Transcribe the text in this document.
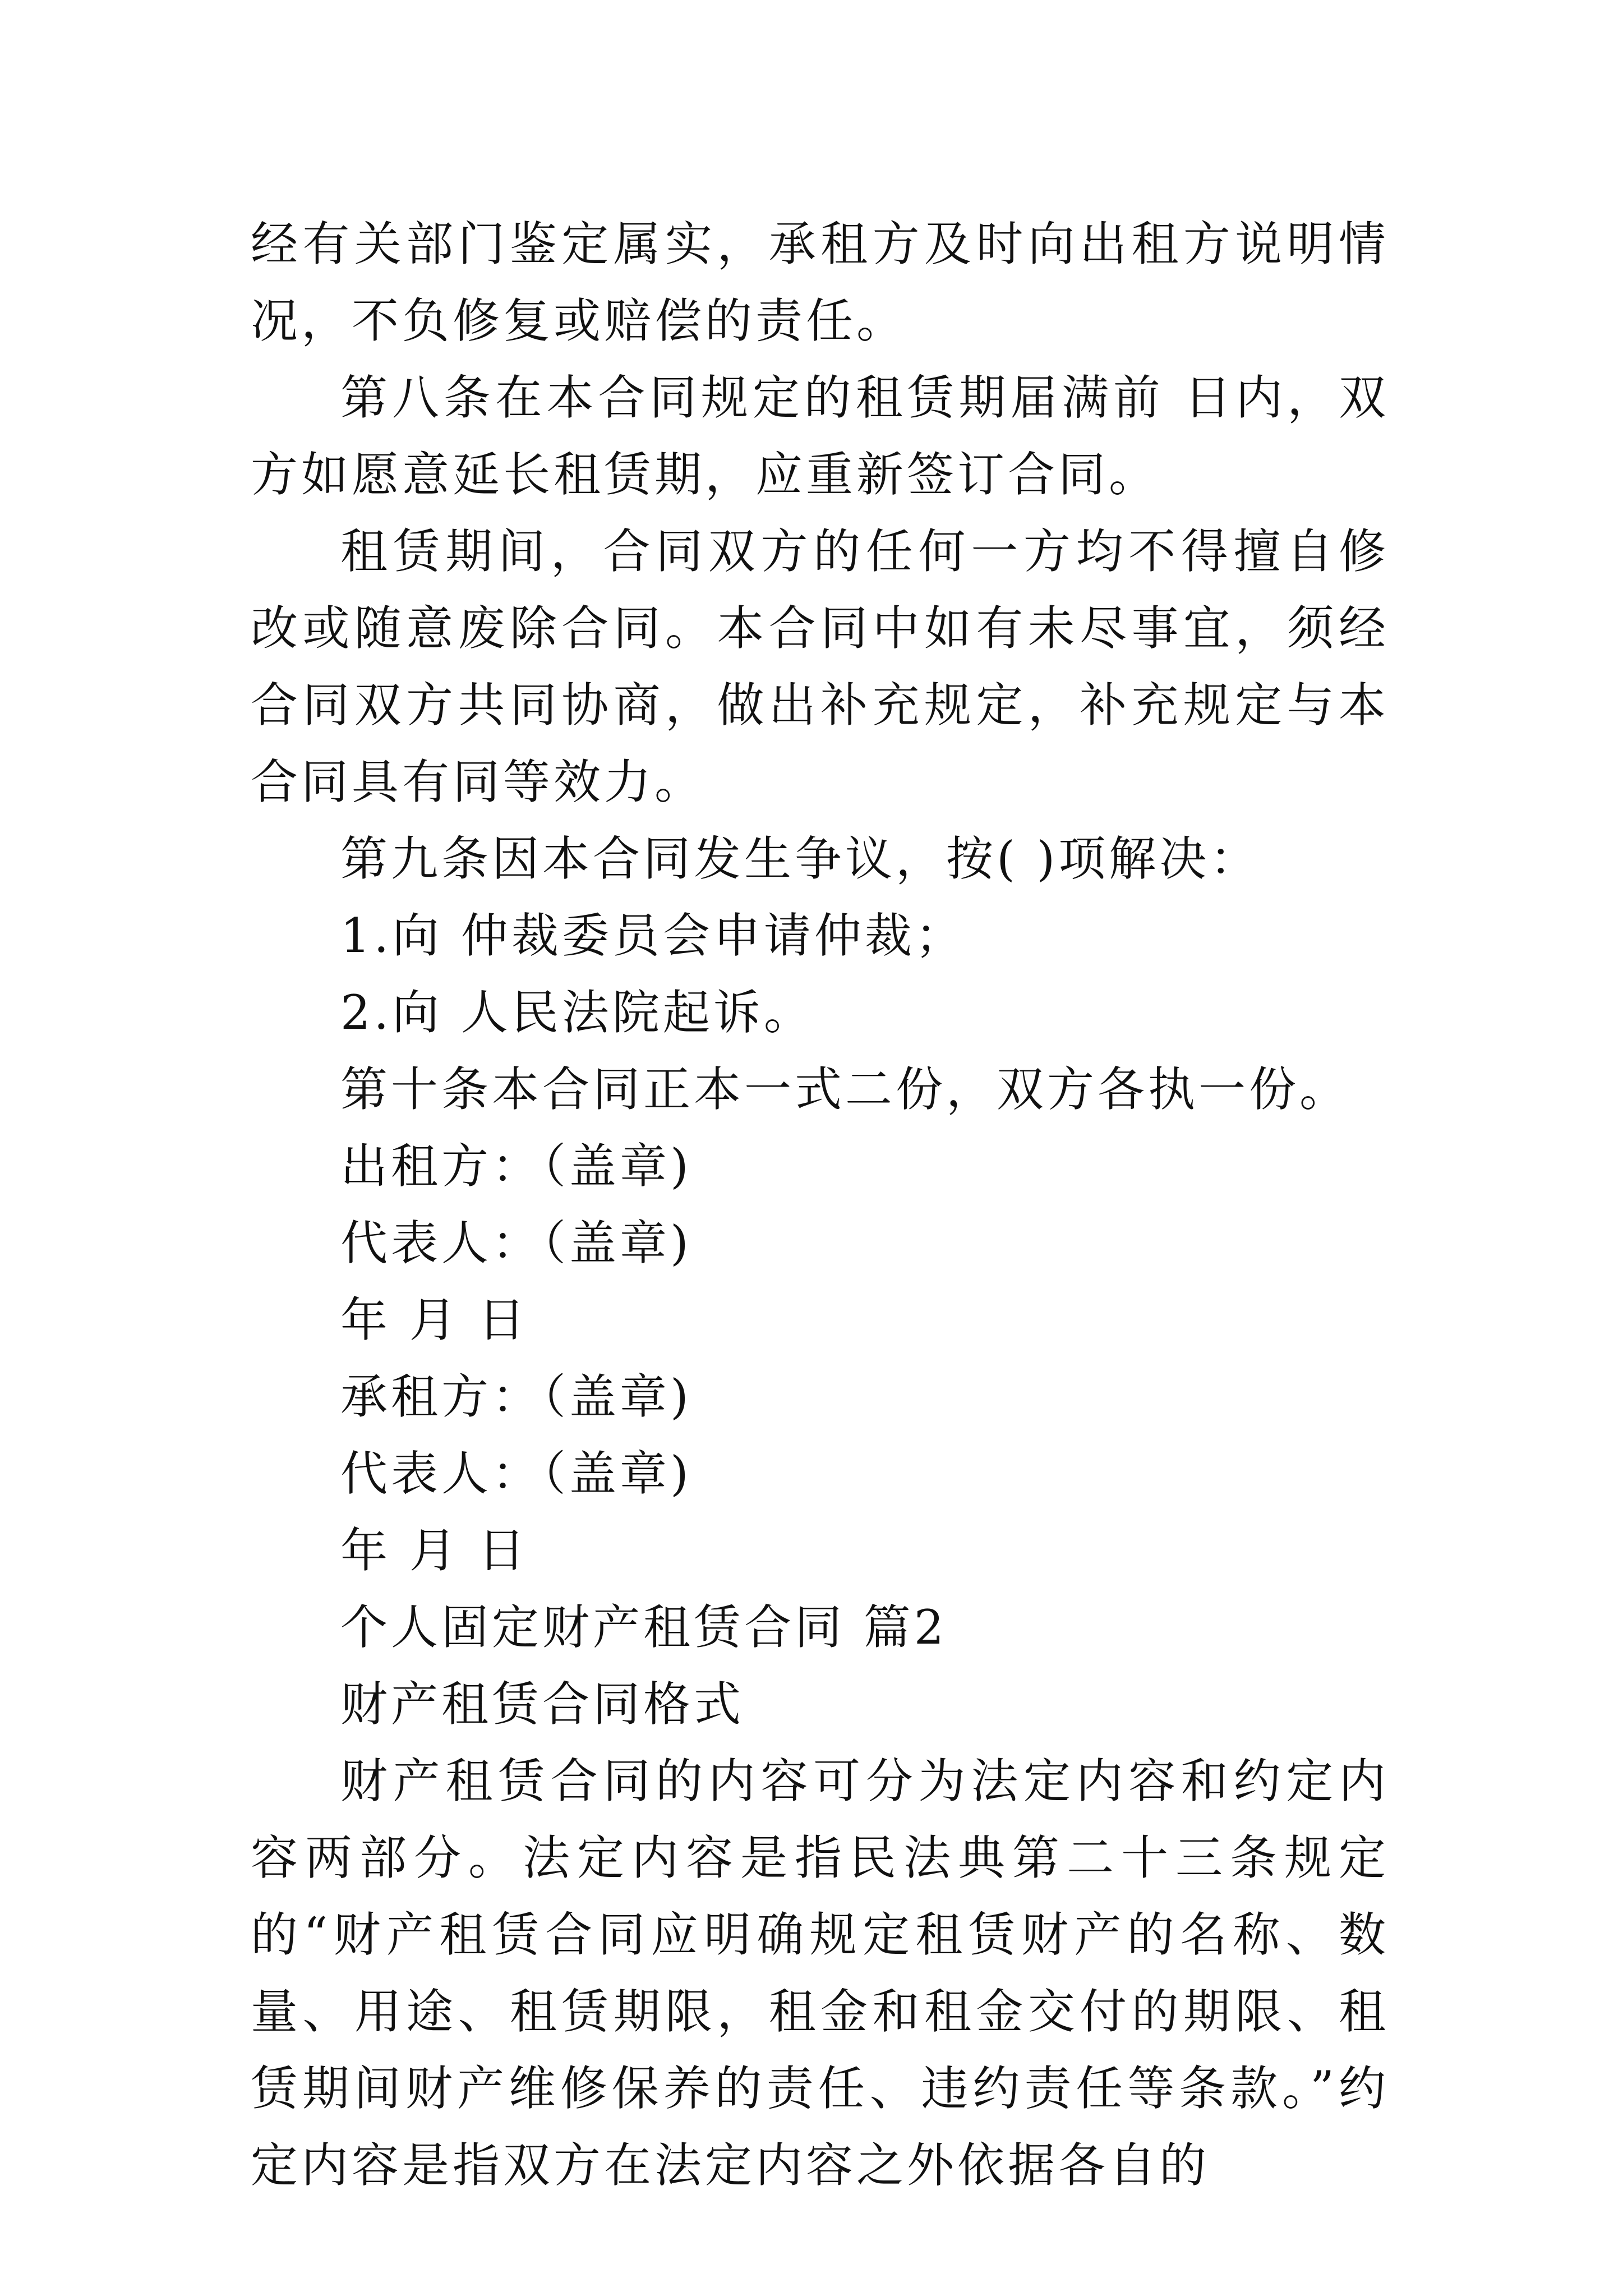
经有关部门鉴定属实，承租方及时向出租方说明情况，不负修复或赔偿的责任。

第八条在本合同规定的租赁期届满前 日内，双方如愿意延长租赁期，应重新签订合同。

租赁期间，合同双方的任何一方均不得擅自修改或随意废除合同。本合同中如有未尽事宜，须经合同双方共同协商，做出补充规定，补充规定与本合同具有同等效力。

第九条因本合同发生争议，按( )项解决：

1.向 仲裁委员会申请仲裁；

2.向 人民法院起诉。

第十条本合同正本一式二份，双方各执一份。

出租方：（盖章)

代表人：（盖章)

年 月 日

承租方：（盖章)

代表人：（盖章)

年 月 日

个人固定财产租赁合同 篇2

财产租赁合同格式

财产租赁合同的内容可分为法定内容和约定内容两部分。法定内容是指民法典第二十三条规定的“财产租赁合同应明确规定租赁财产的名称、数量、用途、租赁期限，租金和租金交付的期限、租赁期间财产维修保养的责任、违约责任等条款。”约定内容是指双方在法定内容之外依据各自的
